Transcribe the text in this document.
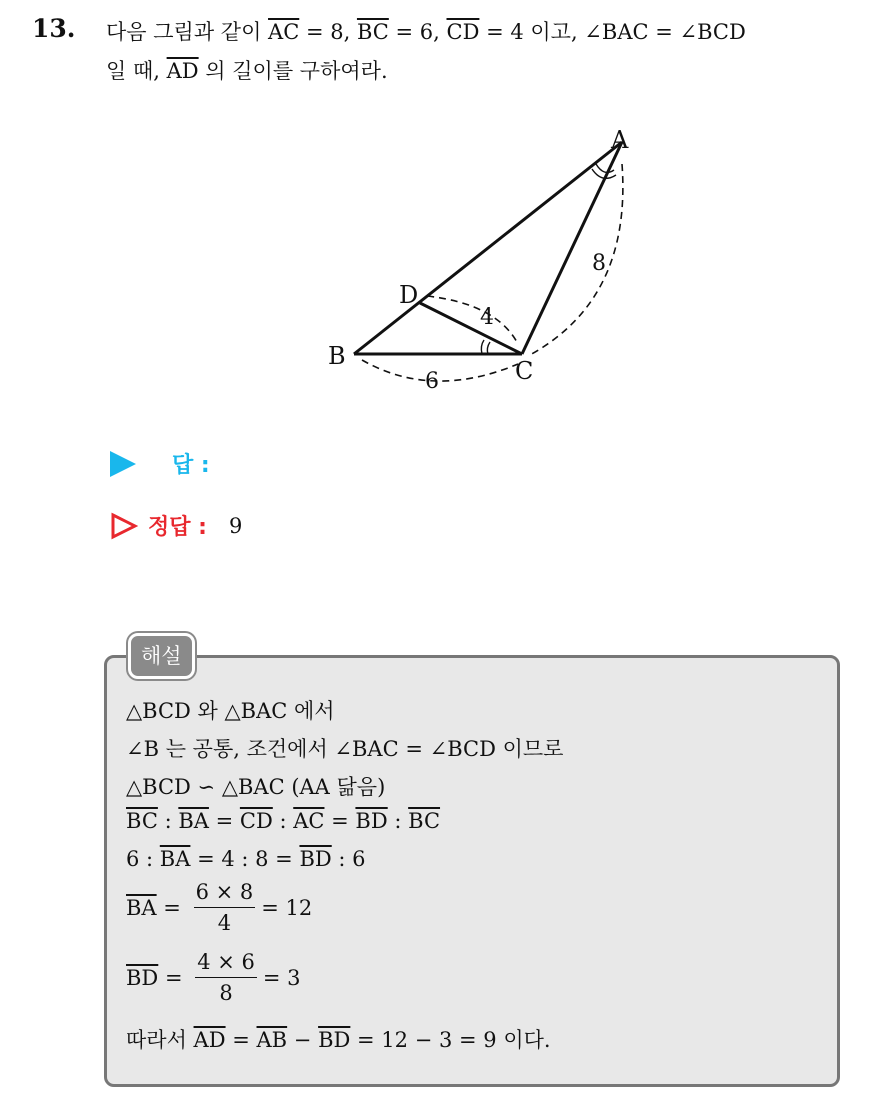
13. 다음 그림과 같이 $\overline{AC} = 8$, $\overline{BC} = 6$, $\overline{CD} = 4$ 이고, ∠BAC = ∠BCD
일 때, $\overline{AD}$ 의 길이를 구하여라.
A
B
C
D
8
4
6
답 :
정답 : 9
해설
△BCD 와 △BAC 에서
∠B 는 공통, 조건에서 ∠BAC = ∠BCD 이므로
△BCD ∽ △BAC (AA 닮음)
$\overline{BC}$ : $\overline{BA} = \overline{CD}$ : $\overline{AC} = \overline{BD}$ : $\overline{BC}$
6 : $\overline{BA} = 4$ : $8 = \overline{BD}$ : 6
$\overline{BA} = \frac{6 \times 8}{4} = 12$
$\overline{BD} = \frac{4 \times 6}{8} = 3$
따라서 $\overline{AD} = \overline{AB} - \overline{BD} = 12 - 3 = 9$ 이다.
